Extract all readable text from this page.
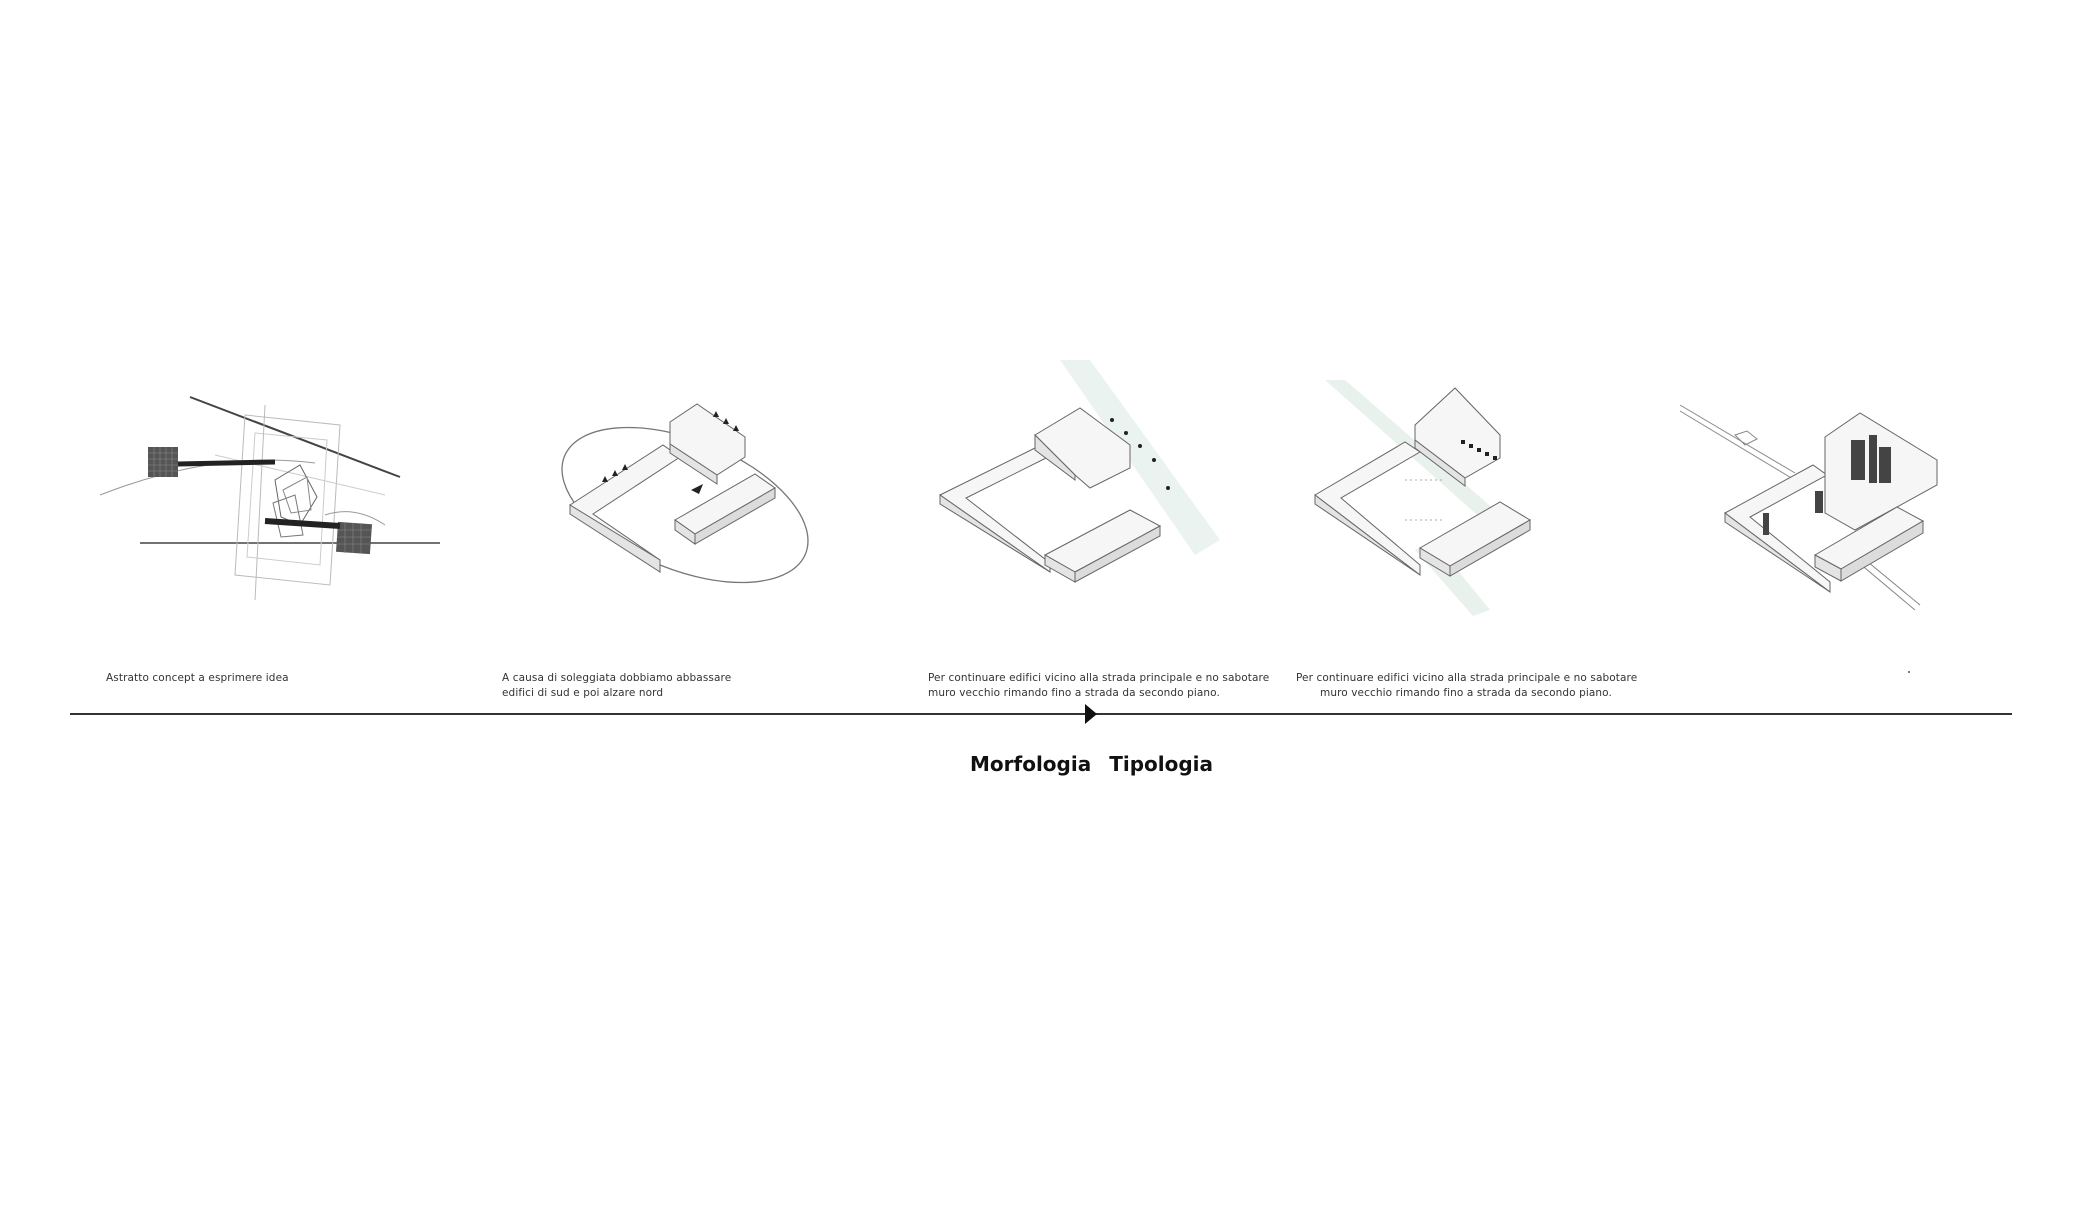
Astratto concept a esprimere idea	A causa di soleggiata dobbiamo abbassare
edifici di sud e poi alzare nord
Per continuare edifici vicino alla strada principale e no sabotare
muro vecchio rimando fino a strada da secondo piano.
Per continuare edifici vicino alla strada principale e no sabotare
muro vecchio rimando fino a strada da secondo piano.
Morfologia Tipologia
